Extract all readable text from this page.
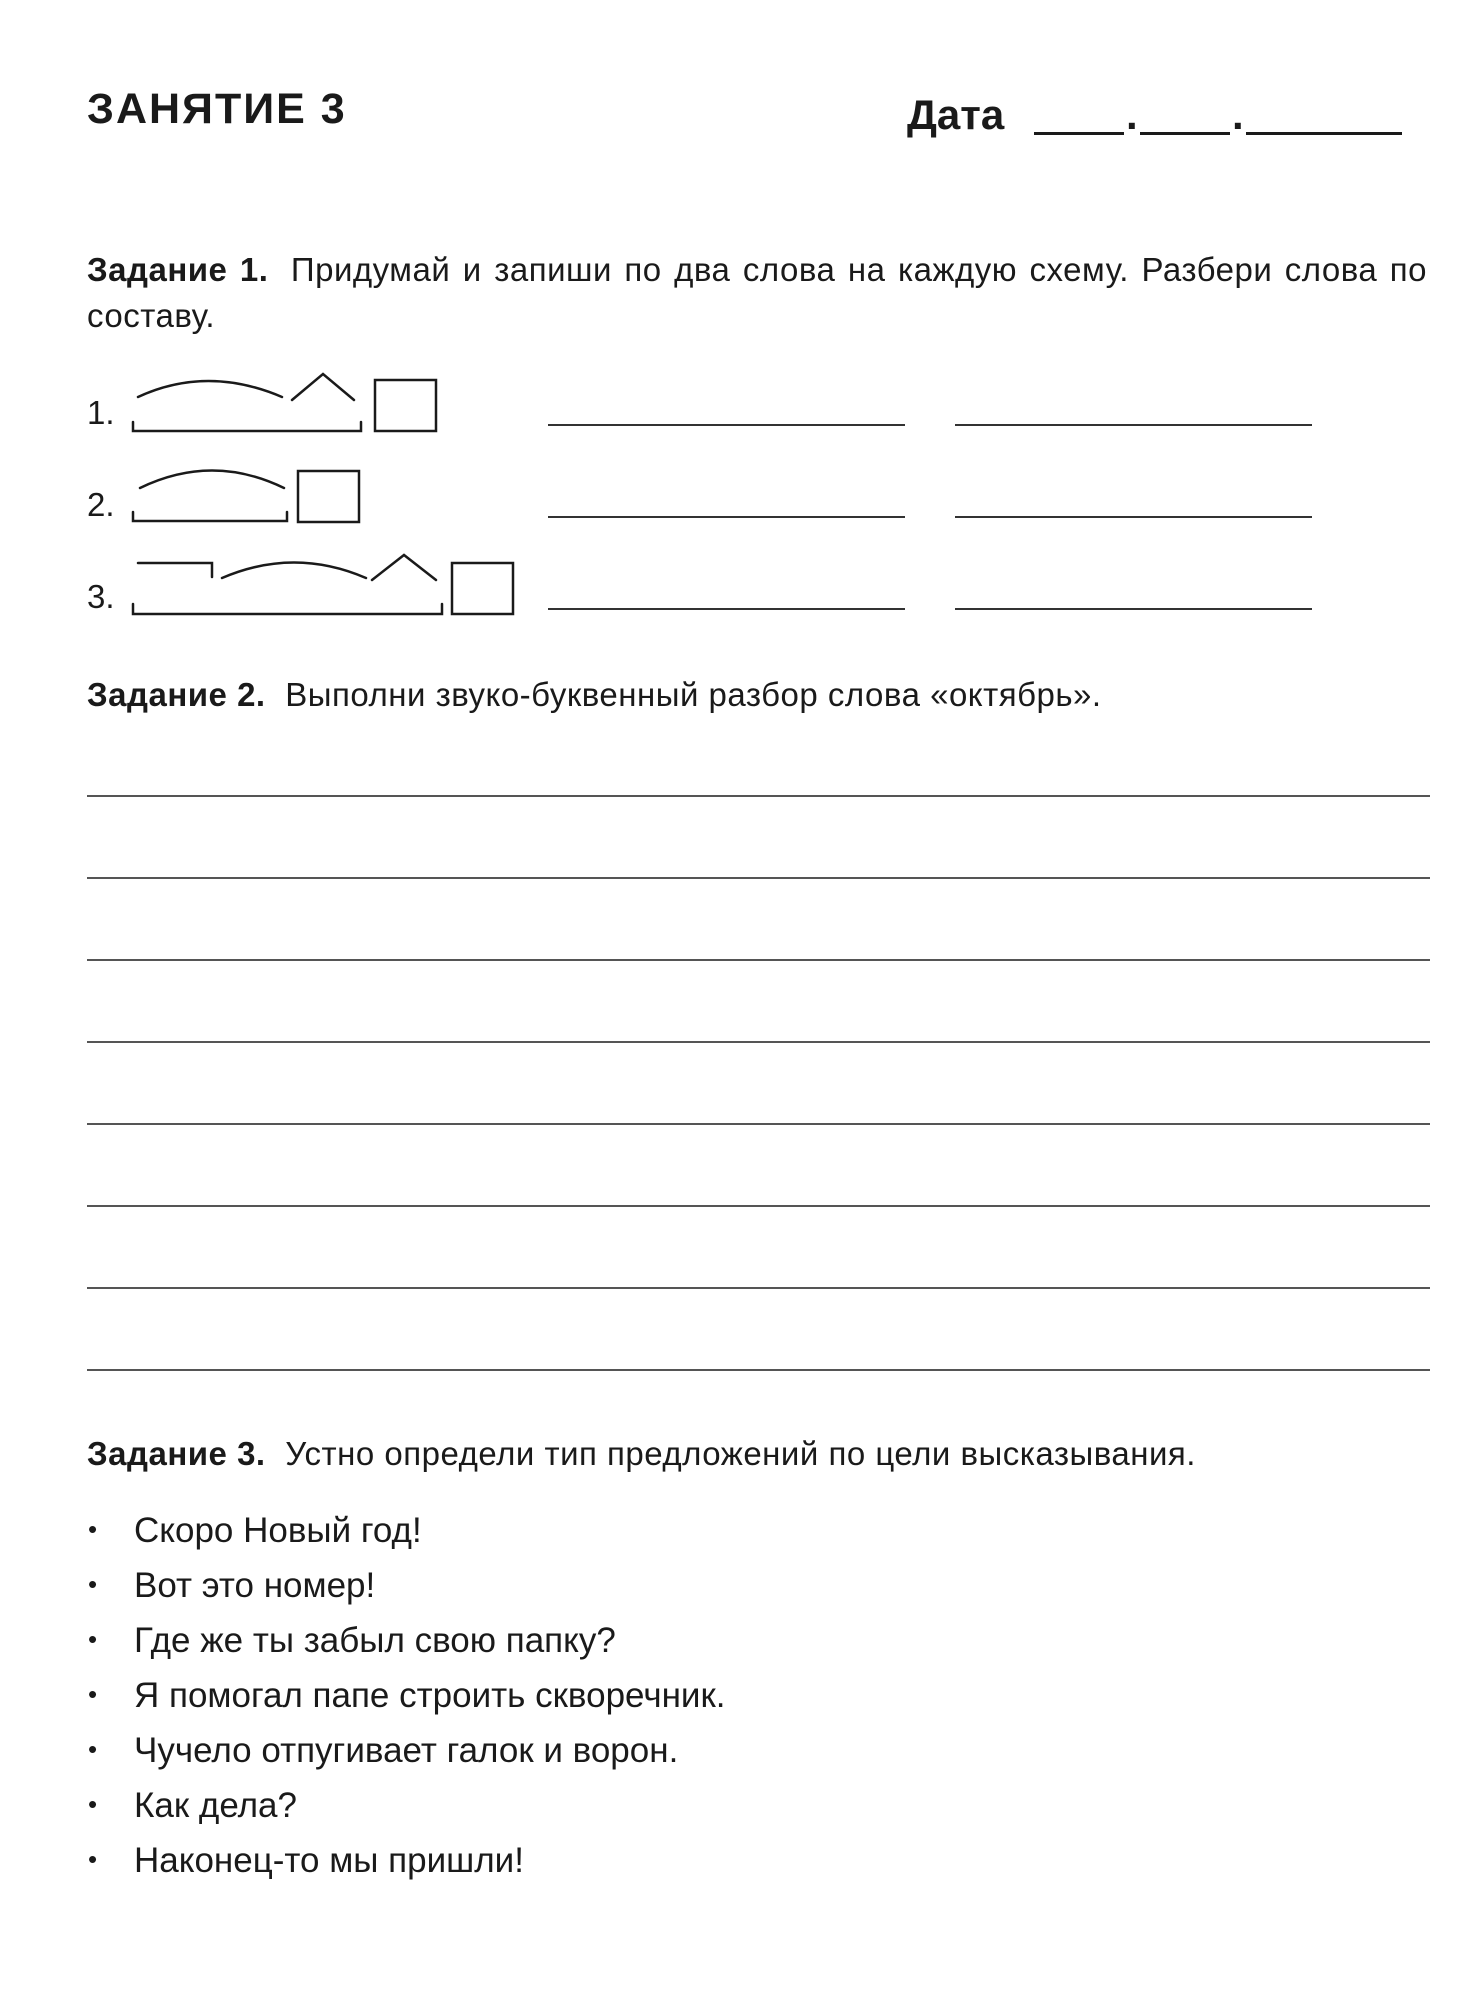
ЗАНЯТИЕ 3	Дата	. .
Задание 1. Придумай и запиши по два слова на каждую схему. Разбери слова по составу.
1.
2.
3.
Задание 2. Выполни звуко-буквенный разбор слова «октябрь».
Задание 3. Устно определи тип предложений по цели высказывания.
• Скоро Новый год!
• Вот это номер!
• Где же ты забыл свою папку?
• Я помогал папе строить скворечник.
• Чучело отпугивает галок и ворон.
• Как дела?
• Наконец-то мы пришли!
